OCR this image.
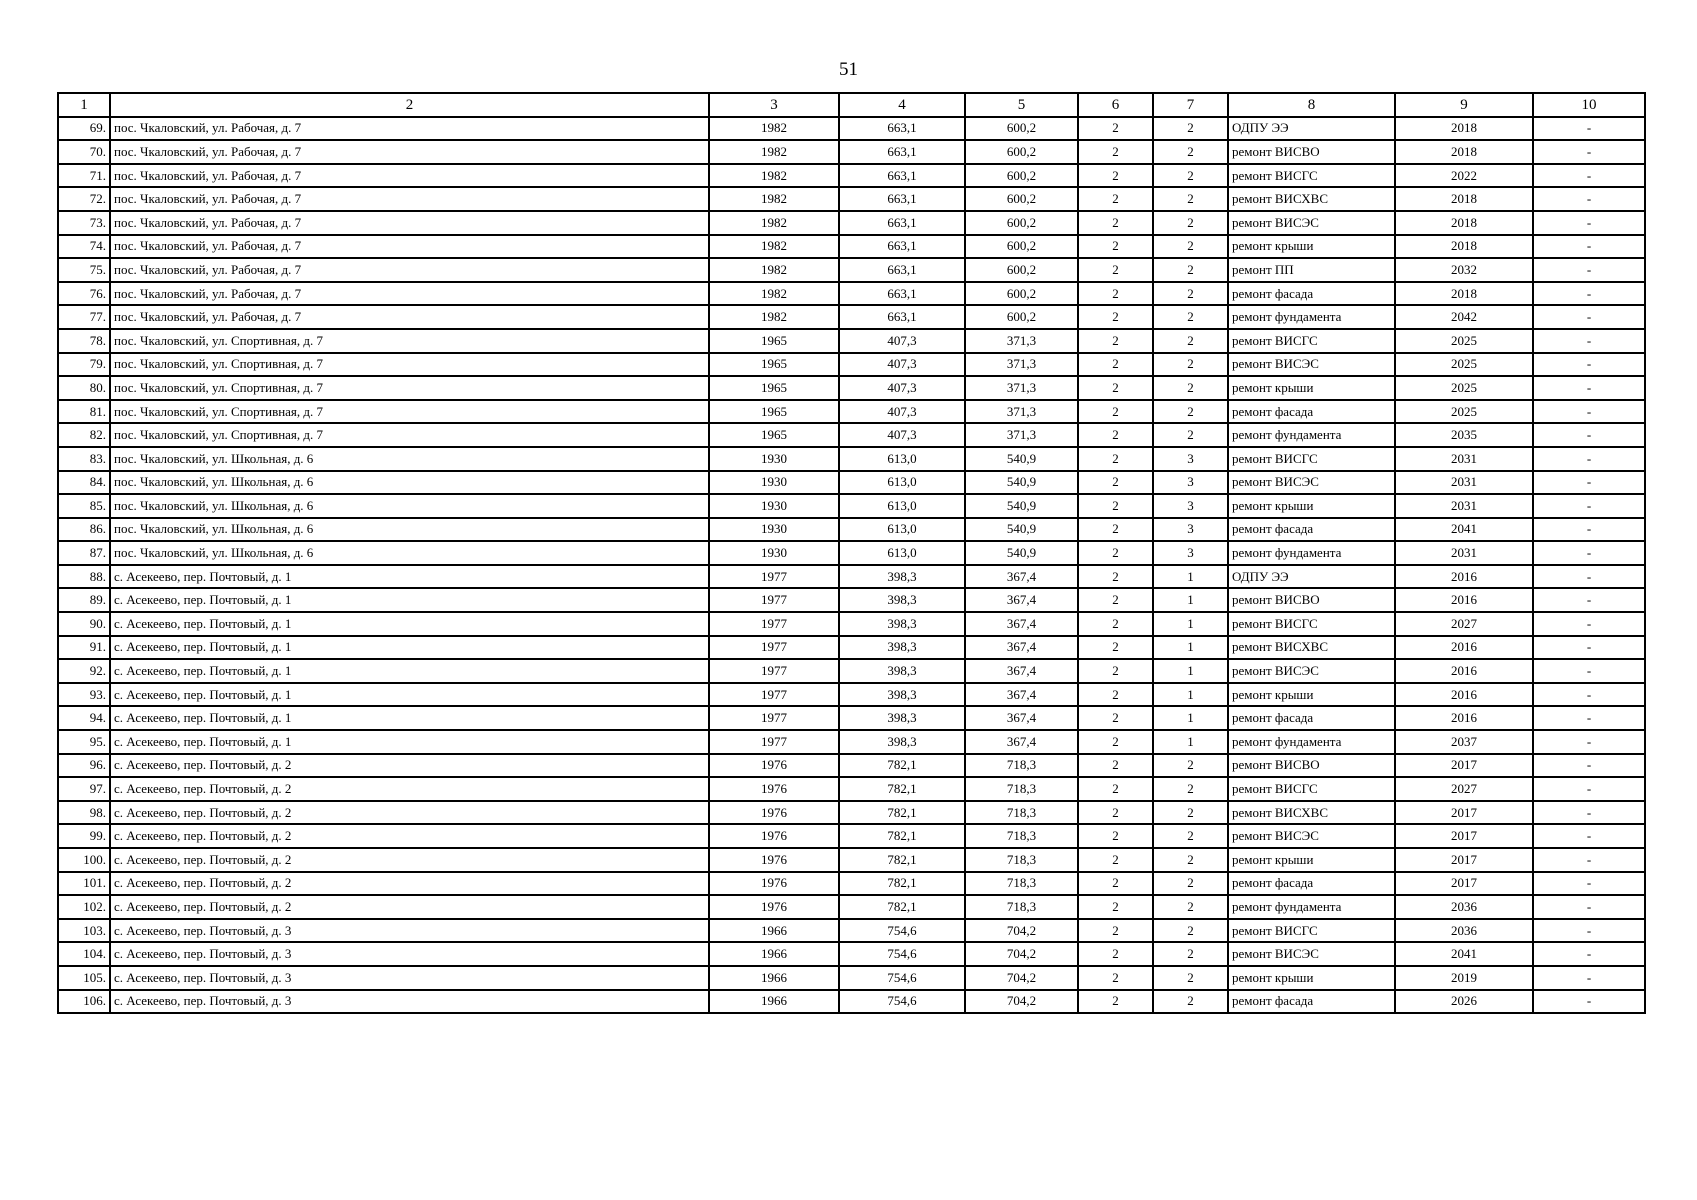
51
1	2	3	4	5	6	7	8	9	10
69.	пос. Чкаловский, ул. Рабочая, д. 7	1982	663,1	600,2	2	2	ОДПУ ЭЭ	2018	-
70.	пос. Чкаловский, ул. Рабочая, д. 7	1982	663,1	600,2	2	2	ремонт ВИСВО	2018	-
71.	пос. Чкаловский, ул. Рабочая, д. 7	1982	663,1	600,2	2	2	ремонт ВИСГС	2022	-
72.	пос. Чкаловский, ул. Рабочая, д. 7	1982	663,1	600,2	2	2	ремонт ВИСХВС	2018	-
73.	пос. Чкаловский, ул. Рабочая, д. 7	1982	663,1	600,2	2	2	ремонт ВИСЭС	2018	-
74.	пос. Чкаловский, ул. Рабочая, д. 7	1982	663,1	600,2	2	2	ремонт крыши	2018	-
75.	пос. Чкаловский, ул. Рабочая, д. 7	1982	663,1	600,2	2	2	ремонт ПП	2032	-
76.	пос. Чкаловский, ул. Рабочая, д. 7	1982	663,1	600,2	2	2	ремонт фасада	2018	-
77.	пос. Чкаловский, ул. Рабочая, д. 7	1982	663,1	600,2	2	2	ремонт фундамента	2042	-
78.	пос. Чкаловский, ул. Спортивная, д. 7	1965	407,3	371,3	2	2	ремонт ВИСГС	2025	-
79.	пос. Чкаловский, ул. Спортивная, д. 7	1965	407,3	371,3	2	2	ремонт ВИСЭС	2025	-
80.	пос. Чкаловский, ул. Спортивная, д. 7	1965	407,3	371,3	2	2	ремонт крыши	2025	-
81.	пос. Чкаловский, ул. Спортивная, д. 7	1965	407,3	371,3	2	2	ремонт фасада	2025	-
82.	пос. Чкаловский, ул. Спортивная, д. 7	1965	407,3	371,3	2	2	ремонт фундамента	2035	-
83.	пос. Чкаловский, ул. Школьная, д. 6	1930	613,0	540,9	2	3	ремонт ВИСГС	2031	-
84.	пос. Чкаловский, ул. Школьная, д. 6	1930	613,0	540,9	2	3	ремонт ВИСЭС	2031	-
85.	пос. Чкаловский, ул. Школьная, д. 6	1930	613,0	540,9	2	3	ремонт крыши	2031	-
86.	пос. Чкаловский, ул. Школьная, д. 6	1930	613,0	540,9	2	3	ремонт фасада	2041	-
87.	пос. Чкаловский, ул. Школьная, д. 6	1930	613,0	540,9	2	3	ремонт фундамента	2031	-
88.	с. Асекеево, пер. Почтовый, д. 1	1977	398,3	367,4	2	1	ОДПУ ЭЭ	2016	-
89.	с. Асекеево, пер. Почтовый, д. 1	1977	398,3	367,4	2	1	ремонт ВИСВО	2016	-
90.	с. Асекеево, пер. Почтовый, д. 1	1977	398,3	367,4	2	1	ремонт ВИСГС	2027	-
91.	с. Асекеево, пер. Почтовый, д. 1	1977	398,3	367,4	2	1	ремонт ВИСХВС	2016	-
92.	с. Асекеево, пер. Почтовый, д. 1	1977	398,3	367,4	2	1	ремонт ВИСЭС	2016	-
93.	с. Асекеево, пер. Почтовый, д. 1	1977	398,3	367,4	2	1	ремонт крыши	2016	-
94.	с. Асекеево, пер. Почтовый, д. 1	1977	398,3	367,4	2	1	ремонт фасада	2016	-
95.	с. Асекеево, пер. Почтовый, д. 1	1977	398,3	367,4	2	1	ремонт фундамента	2037	-
96.	с. Асекеево, пер. Почтовый, д. 2	1976	782,1	718,3	2	2	ремонт ВИСВО	2017	-
97.	с. Асекеево, пер. Почтовый, д. 2	1976	782,1	718,3	2	2	ремонт ВИСГС	2027	-
98.	с. Асекеево, пер. Почтовый, д. 2	1976	782,1	718,3	2	2	ремонт ВИСХВС	2017	-
99.	с. Асекеево, пер. Почтовый, д. 2	1976	782,1	718,3	2	2	ремонт ВИСЭС	2017	-
100.	с. Асекеево, пер. Почтовый, д. 2	1976	782,1	718,3	2	2	ремонт крыши	2017	-
101.	с. Асекеево, пер. Почтовый, д. 2	1976	782,1	718,3	2	2	ремонт фасада	2017	-
102.	с. Асекеево, пер. Почтовый, д. 2	1976	782,1	718,3	2	2	ремонт фундамента	2036	-
103.	с. Асекеево, пер. Почтовый, д. 3	1966	754,6	704,2	2	2	ремонт ВИСГС	2036	-
104.	с. Асекеево, пер. Почтовый, д. 3	1966	754,6	704,2	2	2	ремонт ВИСЭС	2041	-
105.	с. Асекеево, пер. Почтовый, д. 3	1966	754,6	704,2	2	2	ремонт крыши	2019	-
106.	с. Асекеево, пер. Почтовый, д. 3	1966	754,6	704,2	2	2	ремонт фасада	2026	-
